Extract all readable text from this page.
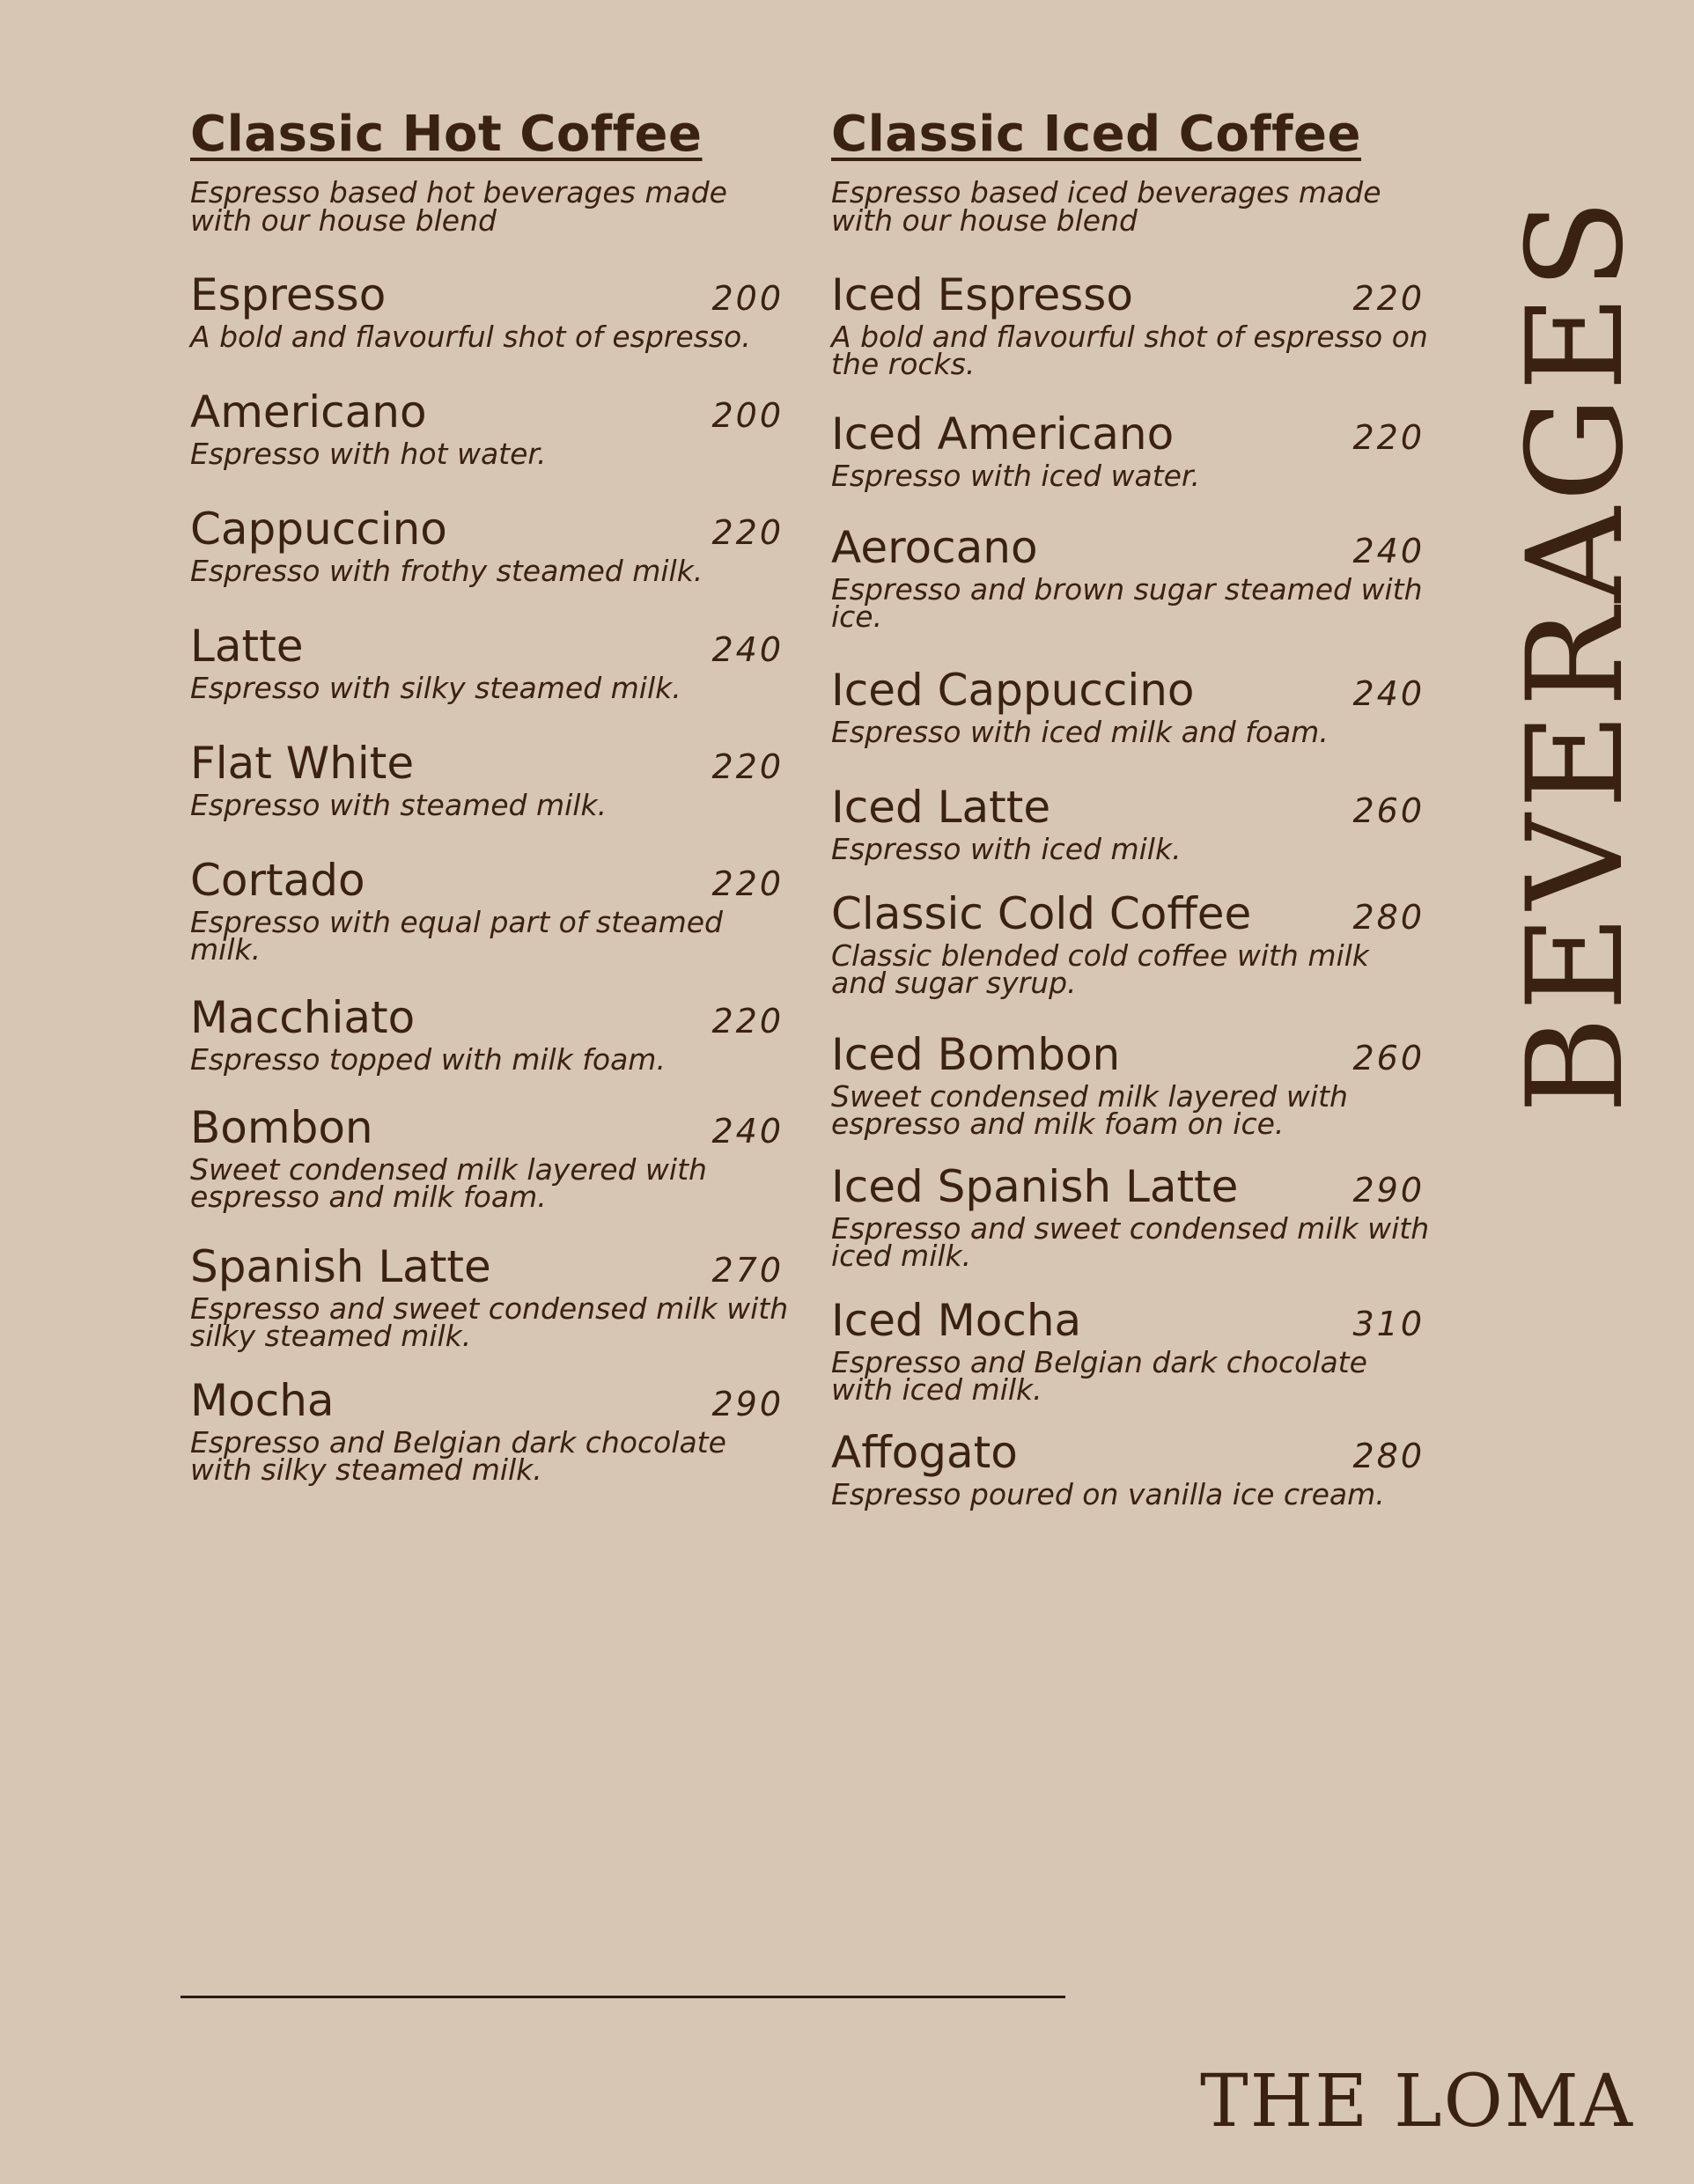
Classic Hot Coffee
Espresso based hot beverages made with our house blend
Espresso	200
A bold and flavourful shot of espresso.
Americano	200
Espresso with hot water.
Cappuccino	220
Espresso with frothy steamed milk.
Latte	240
Espresso with silky steamed milk.
Flat White	220
Espresso with steamed milk.
Cortado	220
Espresso with equal part of steamed milk.
Macchiato	220
Espresso topped with milk foam.
Bombon	240
Sweet condensed milk layered with espresso and milk foam.
Spanish Latte	270
Espresso and sweet condensed milk with silky steamed milk.
Mocha	290
Espresso and Belgian dark chocolate with silky steamed milk.
Classic Iced Coffee
Espresso based iced beverages made with our house blend
Iced Espresso	220
A bold and flavourful shot of espresso on the rocks.
Iced Americano	220
Espresso with iced water.
Aerocano	240
Espresso and brown sugar steamed with ice.
Iced Cappuccino	240
Espresso with iced milk and foam.
Iced Latte	260
Espresso with iced milk.
Classic Cold Coffee	280
Classic blended cold coffee with milk and sugar syrup.
Iced Bombon	260
Sweet condensed milk layered with espresso and milk foam on ice.
Iced Spanish Latte	290
Espresso and sweet condensed milk with iced milk.
Iced Mocha	310
Espresso and Belgian dark chocolate with iced milk.
Affogato	280
Espresso poured on vanilla ice cream.
BEVERAGES
THE LOMA
